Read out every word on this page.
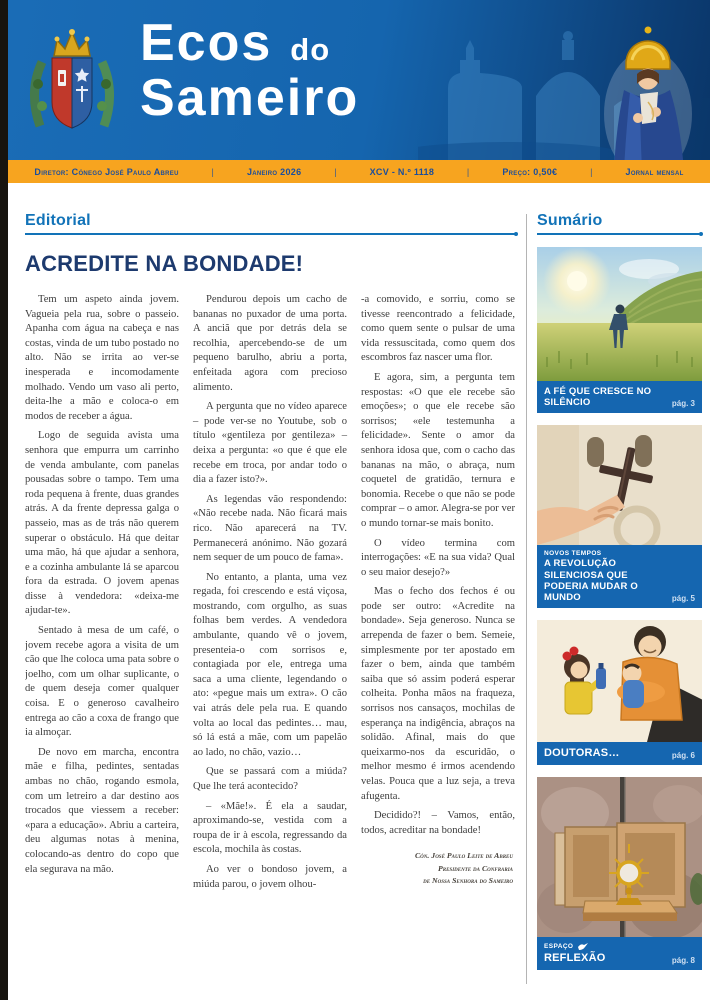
Ecos do
Sameiro
Diretor: Cónego José Paulo Abreu	|	Janeiro 2026	|	XCV - N.º 1118	|	Preço: 0,50€	|	Jornal mensal
Editorial
ACREDITE NA BONDADE!

Tem um aspeto ainda jovem. Vagueia pela rua, sobre o passeio. Apanha com água na cabeça e nas costas, vinda de um tubo postado no alto. Não se irrita ao ver-se inesperada e incomodamente molhado. Vendo um vaso ali perto, deita-lhe a mão e coloca-o em modos de receber a água.

Logo de seguida avista uma senhora que empurra um carrinho de venda ambulante, com panelas pousadas sobre o tampo. Tem uma roda pequena à frente, duas grandes atrás. A da frente depressa galga o passeio, mas as de trás não querem superar o obstáculo. Há que deitar uma mão, há que ajudar a senhora, e a cozinha ambulante lá se aparcou fora da estrada. O jovem apenas disse à vendedora: «deixa-me ajudar-te».

Sentado à mesa de um café, o jovem recebe agora a visita de um cão que lhe coloca uma pata sobre o joelho, com um olhar suplicante, o de quem deseja comer qualquer coisa. E o generoso cavalheiro entrega ao cão a coxa de frango que ia almoçar.

De novo em marcha, encontra mãe e filha, pedintes, sentadas ambas no chão, rogando esmola, com um letreiro a dar destino aos trocados que viessem a receber: «para a educação». Abriu a carteira, deu algumas notas à menina, colocando-as dentro do copo que ela segurava na mão.

Pendurou depois um cacho de bananas no puxador de uma porta. A anciã que por detrás dela se recolhia, apercebendo-se de um pequeno barulho, abriu a porta, enfeitada agora com precioso alimento.

A pergunta que no vídeo aparece – pode ver-se no Youtube, sob o título «gentileza por gentileza» – deixa a pergunta: «o que é que ele recebe em troca, por andar todo o dia a fazer isto?».

As legendas vão respondendo: «Não recebe nada. Não ficará mais rico. Não aparecerá na TV. Permanecerá anónimo. Não gozará nem sequer de um pouco de fama».

No entanto, a planta, uma vez regada, foi crescendo e está viçosa, mostrando, com orgulho, as suas folhas bem verdes. A vendedora ambulante, quando vê o jovem, presenteia-o com sorrisos e, contagiada por ele, entrega uma saca a uma cliente, legendando o ato: «pegue mais um extra». O cão vai atrás dele pela rua. E quando volta ao local das pedintes… mau, só lá está a mãe, com um papelão ao lado, no chão, vazio…

Que se passará com a miúda? Que lhe terá acontecido?

– «Mãe!». É ela a saudar, aproximando-se, vestida com a roupa de ir à escola, regressando da escola, mochila às costas.

Ao ver o bondoso jovem, a miúda parou, o jovem olhou-

-a comovido, e sorriu, como se tivesse reencontrado a felicidade, como quem sente o pulsar de uma vida ressuscitada, como quem dos escombros faz nascer uma flor.

E agora, sim, a pergunta tem respostas: «O que ele recebe são emoções»; o que ele recebe são sorrisos; «ele testemunha a felicidade». Sente o amor da senhora idosa que, com o cacho das bananas na mão, o abraça, num coquetel de gratidão, ternura e bonomia. Recebe o que não se pode comprar – o amor. Alegra-se por ver o mundo tornar-se mais bonito.

O vídeo termina com interrogações: «E na sua vida? Qual o seu maior desejo?»

Mas o fecho dos fechos é ou pode ser outro: «Acredite na bondade». Seja generoso. Nunca se arrependa de fazer o bem. Semeie, simplesmente por ter apostado em fazer o bem, ainda que também saiba que só assim poderá esperar colheita. Ponha mãos na fraqueza, sorrisos nos cansaços, mochilas de esperança na indigência, abraços na solidão. Afinal, mais do que queixarmo-nos da escuridão, o melhor mesmo é irmos acendendo velas. Pouca que a luz seja, a treva afugenta.

Decidido?! – Vamos, então, todos, acreditar na bondade!

Cón. José Paulo Leite de Abreu
Presidente da Confraria
de Nossa Senhora do Sameiro
Sumário
A FÉ QUE CRESCE NO SILÊNCIO	pág. 3
NOVOS TEMPOS
A REVOLUÇÃO SILENCIOSA QUE PODERIA MUDAR O MUNDO	pág. 5
DOUTORAS…	pág. 6
ESPAÇO
REFLEXÃO	pág. 8
